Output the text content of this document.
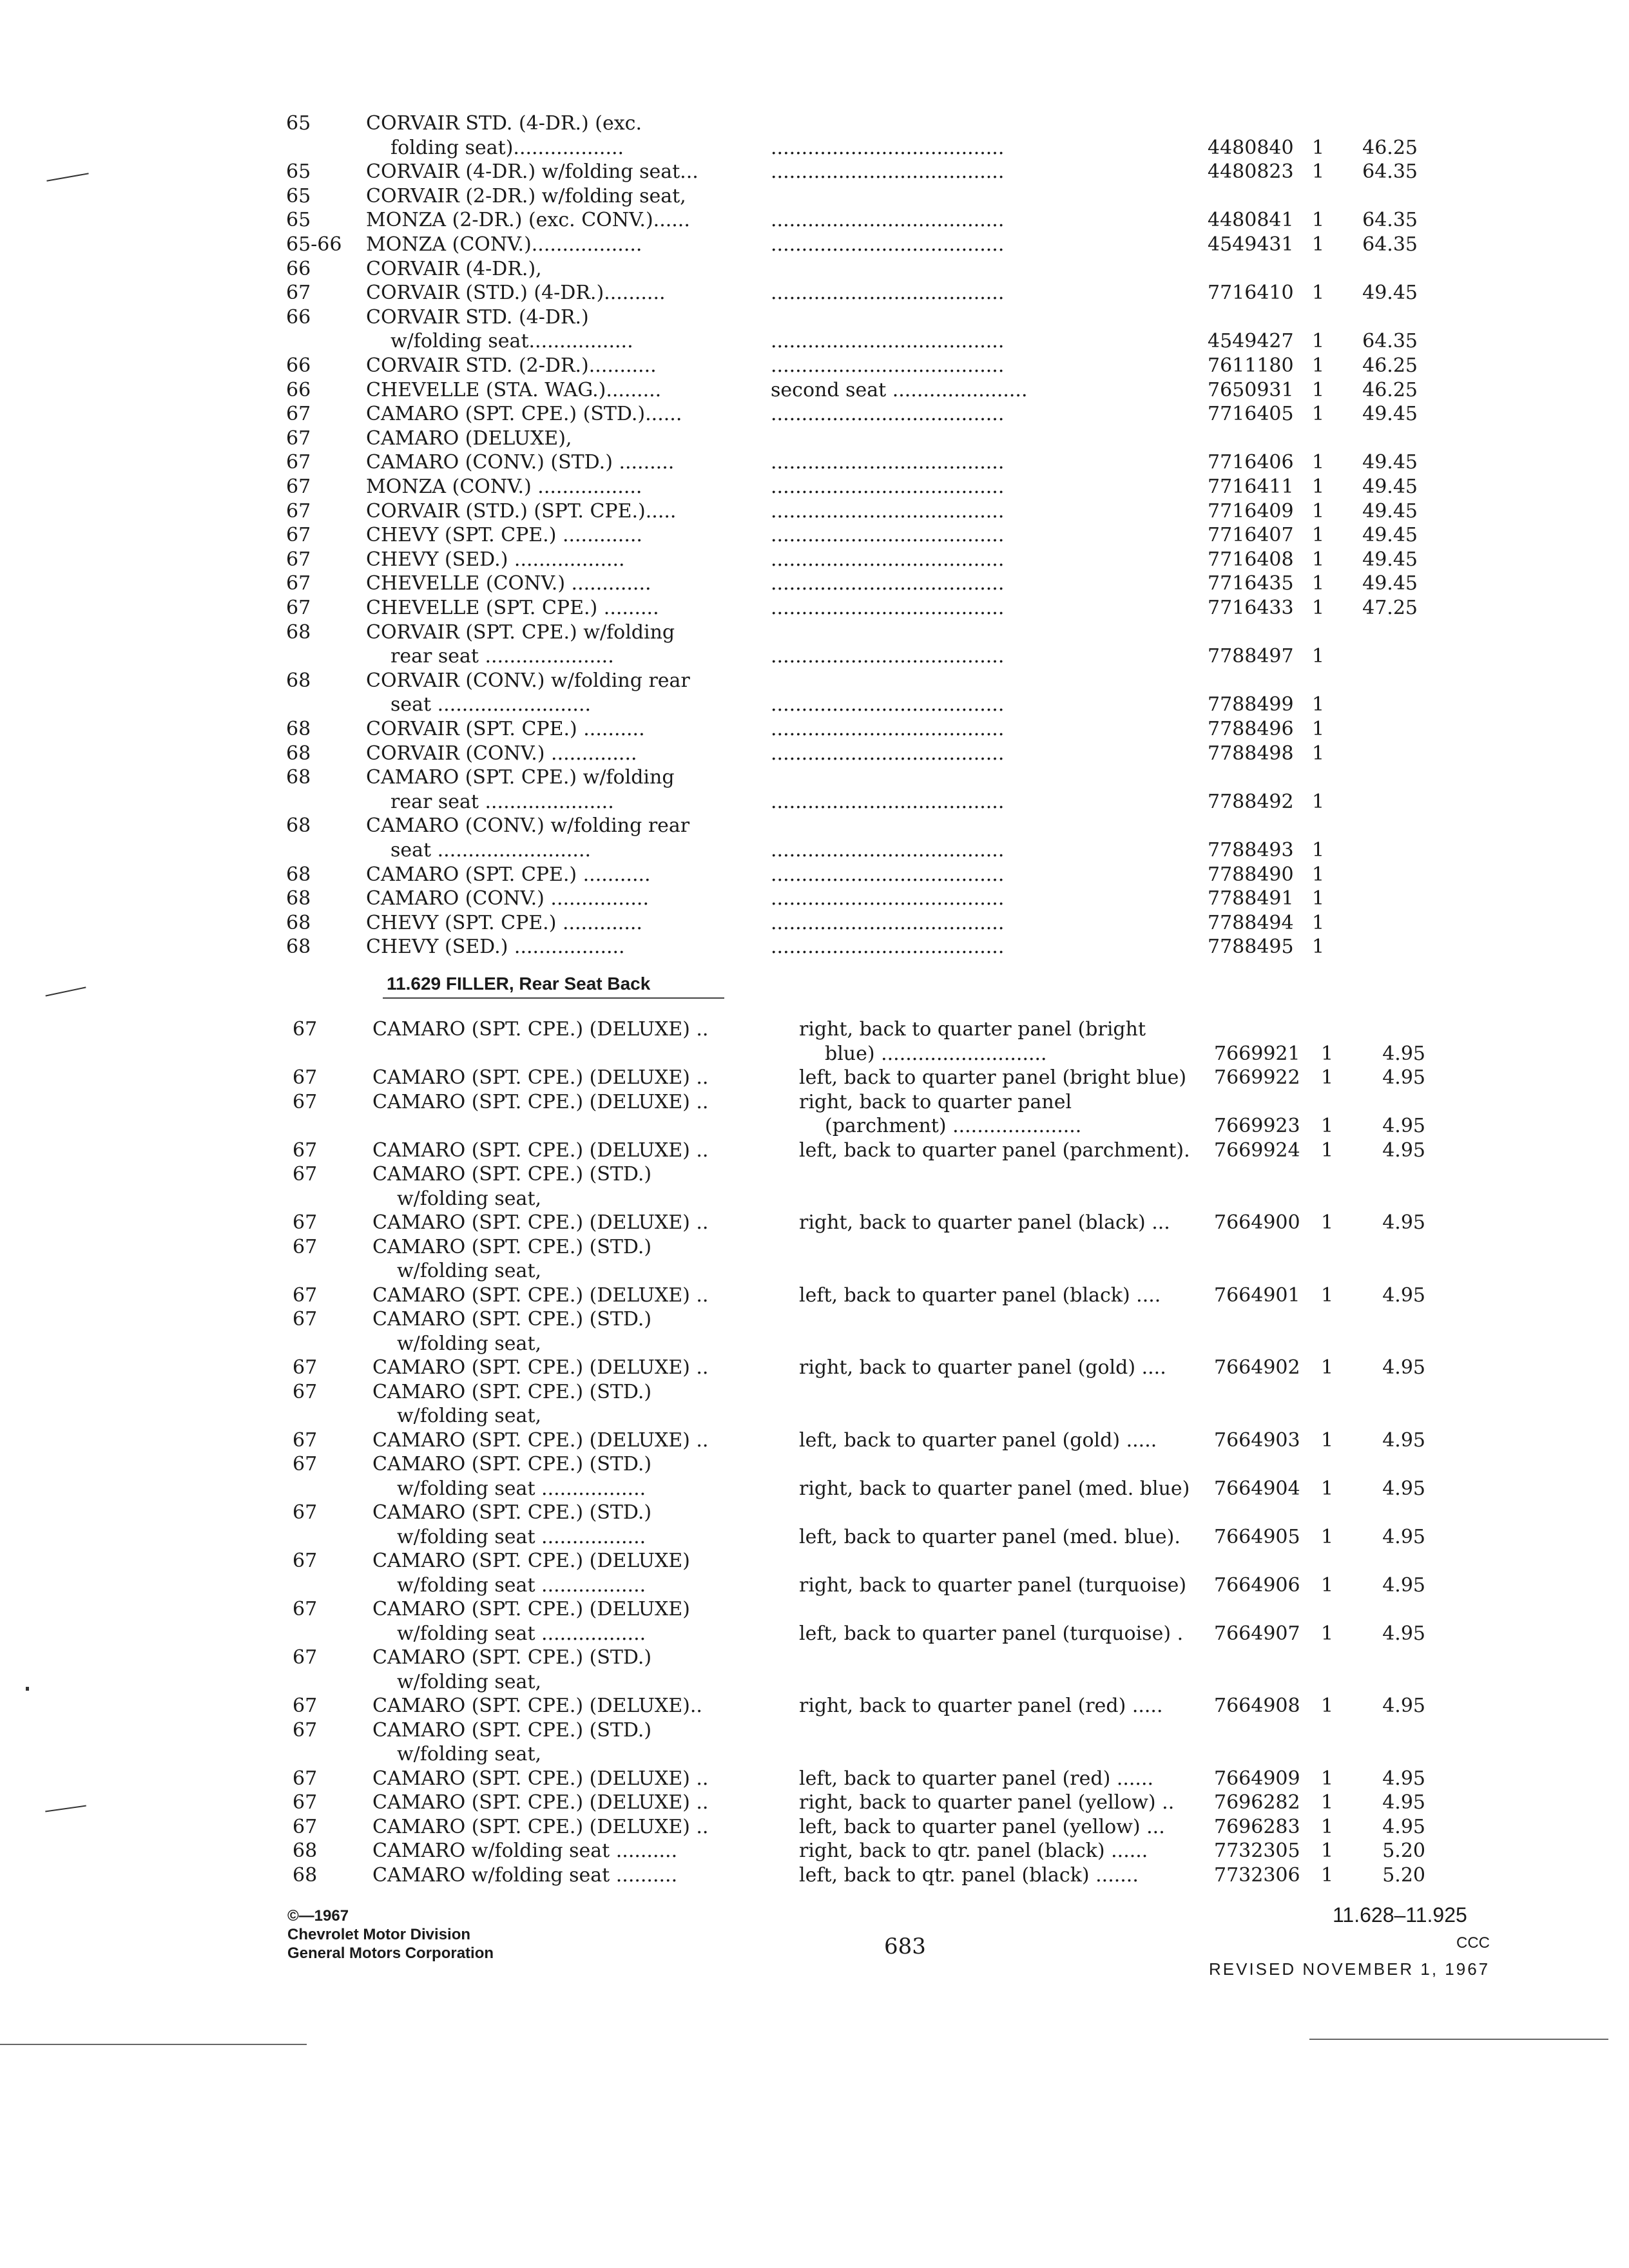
65	CORVAIR STD. (4-DR.) (exc.
folding seat)..................	......................................	4480840 1	46.25
65	CORVAIR (4-DR.) w/folding seat...	......................................	4480823 1	64.35
65	CORVAIR (2-DR.) w/folding seat,
65	MONZA (2-DR.) (exc. CONV.)......	......................................	4480841 1	64.35
65-66 MONZA (CONV.)..................	......................................	4549431 1	64.35
66	CORVAIR (4-DR.),
67	CORVAIR (STD.) (4-DR.)..........	......................................	7716410 1	49.45
66	CORVAIR STD. (4-DR.)
w/folding seat.................	......................................	4549427 1	64.35
66	CORVAIR STD. (2-DR.)...........	......................................	7611180 1	46.25
66	CHEVELLE (STA. WAG.).........	second seat ......................	7650931 1	46.25
67	CAMARO (SPT. CPE.) (STD.)......	......................................	7716405 1	49.45
67	CAMARO (DELUXE),
67	CAMARO (CONV.) (STD.) .........	......................................	7716406 1	49.45
67	MONZA (CONV.) .................	......................................	7716411 1	49.45
67	CORVAIR (STD.) (SPT. CPE.).....	......................................	7716409 1	49.45
67	CHEVY (SPT. CPE.) .............	......................................	7716407 1	49.45
67	CHEVY (SED.) ..................	......................................	7716408 1	49.45
67	CHEVELLE (CONV.) .............	......................................	7716435 1	49.45
67	CHEVELLE (SPT. CPE.) .........	......................................	7716433 1	47.25
68	CORVAIR (SPT. CPE.) w/folding
rear seat .....................	......................................	7788497 1
68	CORVAIR (CONV.) w/folding rear
seat .........................	......................................	7788499 1
68	CORVAIR (SPT. CPE.) ..........	......................................	7788496 1
68	CORVAIR (CONV.) ..............	......................................	7788498 1
68	CAMARO (SPT. CPE.) w/folding
rear seat .....................	......................................	7788492 1
68	CAMARO (CONV.) w/folding rear
seat .........................	......................................	7788493 1
68	CAMARO (SPT. CPE.) ...........	......................................	7788490 1
68	CAMARO (CONV.) ................	......................................	7788491 1
68	CHEVY (SPT. CPE.) .............	......................................	7788494 1
68	CHEVY (SED.) ..................	......................................	7788495 1
11.629 FILLER, Rear Seat Back
67	CAMARO (SPT. CPE.) (DELUXE) ..	right, back to quarter panel (bright
blue) ...........................	7669921 1	4.95
67	CAMARO (SPT. CPE.) (DELUXE) ..	left, back to quarter panel (bright blue) 7669922 1	4.95
67	CAMARO (SPT. CPE.) (DELUXE) ..	right, back to quarter panel
(parchment) .....................	7669923 1	4.95
67	CAMARO (SPT. CPE.) (DELUXE) ..	left, back to quarter panel (parchment). 7669924 1	4.95
67	CAMARO (SPT. CPE.) (STD.)
w/folding seat,
67	CAMARO (SPT. CPE.) (DELUXE) ..	right, back to quarter panel (black) ... 7664900 1	4.95
67	CAMARO (SPT. CPE.) (STD.)
w/folding seat,
67	CAMARO (SPT. CPE.) (DELUXE) ..	left, back to quarter panel (black) ....	7664901 1	4.95
67	CAMARO (SPT. CPE.) (STD.)
w/folding seat,
67	CAMARO (SPT. CPE.) (DELUXE) ..	right, back to quarter panel (gold) .... 7664902 1	4.95
67	CAMARO (SPT. CPE.) (STD.)
w/folding seat,
67	CAMARO (SPT. CPE.) (DELUXE) ..	left, back to quarter panel (gold) .....	7664903 1	4.95
67	CAMARO (SPT. CPE.) (STD.)
w/folding seat .................	right, back to quarter panel (med. blue) 7664904 1	4.95
67	CAMARO (SPT. CPE.) (STD.)
w/folding seat .................	left, back to quarter panel (med. blue). 7664905 1	4.95
67	CAMARO (SPT. CPE.) (DELUXE)
w/folding seat .................	right, back to quarter panel (turquoise) 7664906 1	4.95
67	CAMARO (SPT. CPE.) (DELUXE)
w/folding seat .................	left, back to quarter panel (turquoise) . 7664907 1	4.95
67	CAMARO (SPT. CPE.) (STD.)
w/folding seat,
67	CAMARO (SPT. CPE.) (DELUXE)..	right, back to quarter panel (red) .....	7664908 1	4.95
67	CAMARO (SPT. CPE.) (STD.)
w/folding seat,
67	CAMARO (SPT. CPE.) (DELUXE) ..	left, back to quarter panel (red) ......	7664909 1	4.95
67	CAMARO (SPT. CPE.) (DELUXE) ..	right, back to quarter panel (yellow) .. 7696282 1	4.95
67	CAMARO (SPT. CPE.) (DELUXE) ..	left, back to quarter panel (yellow) ...	7696283 1	4.95
68	CAMARO w/folding seat ..........	right, back to qtr. panel (black) ......	7732305 1	5.20
68	CAMARO w/folding seat ..........	left, back to qtr. panel (black) .......	7732306 1	5.20
©—1967
Chevrolet Motor Division
General Motors Corporation	683
11.628–11.925
CCC
REVISED NOVEMBER 1, 1967
